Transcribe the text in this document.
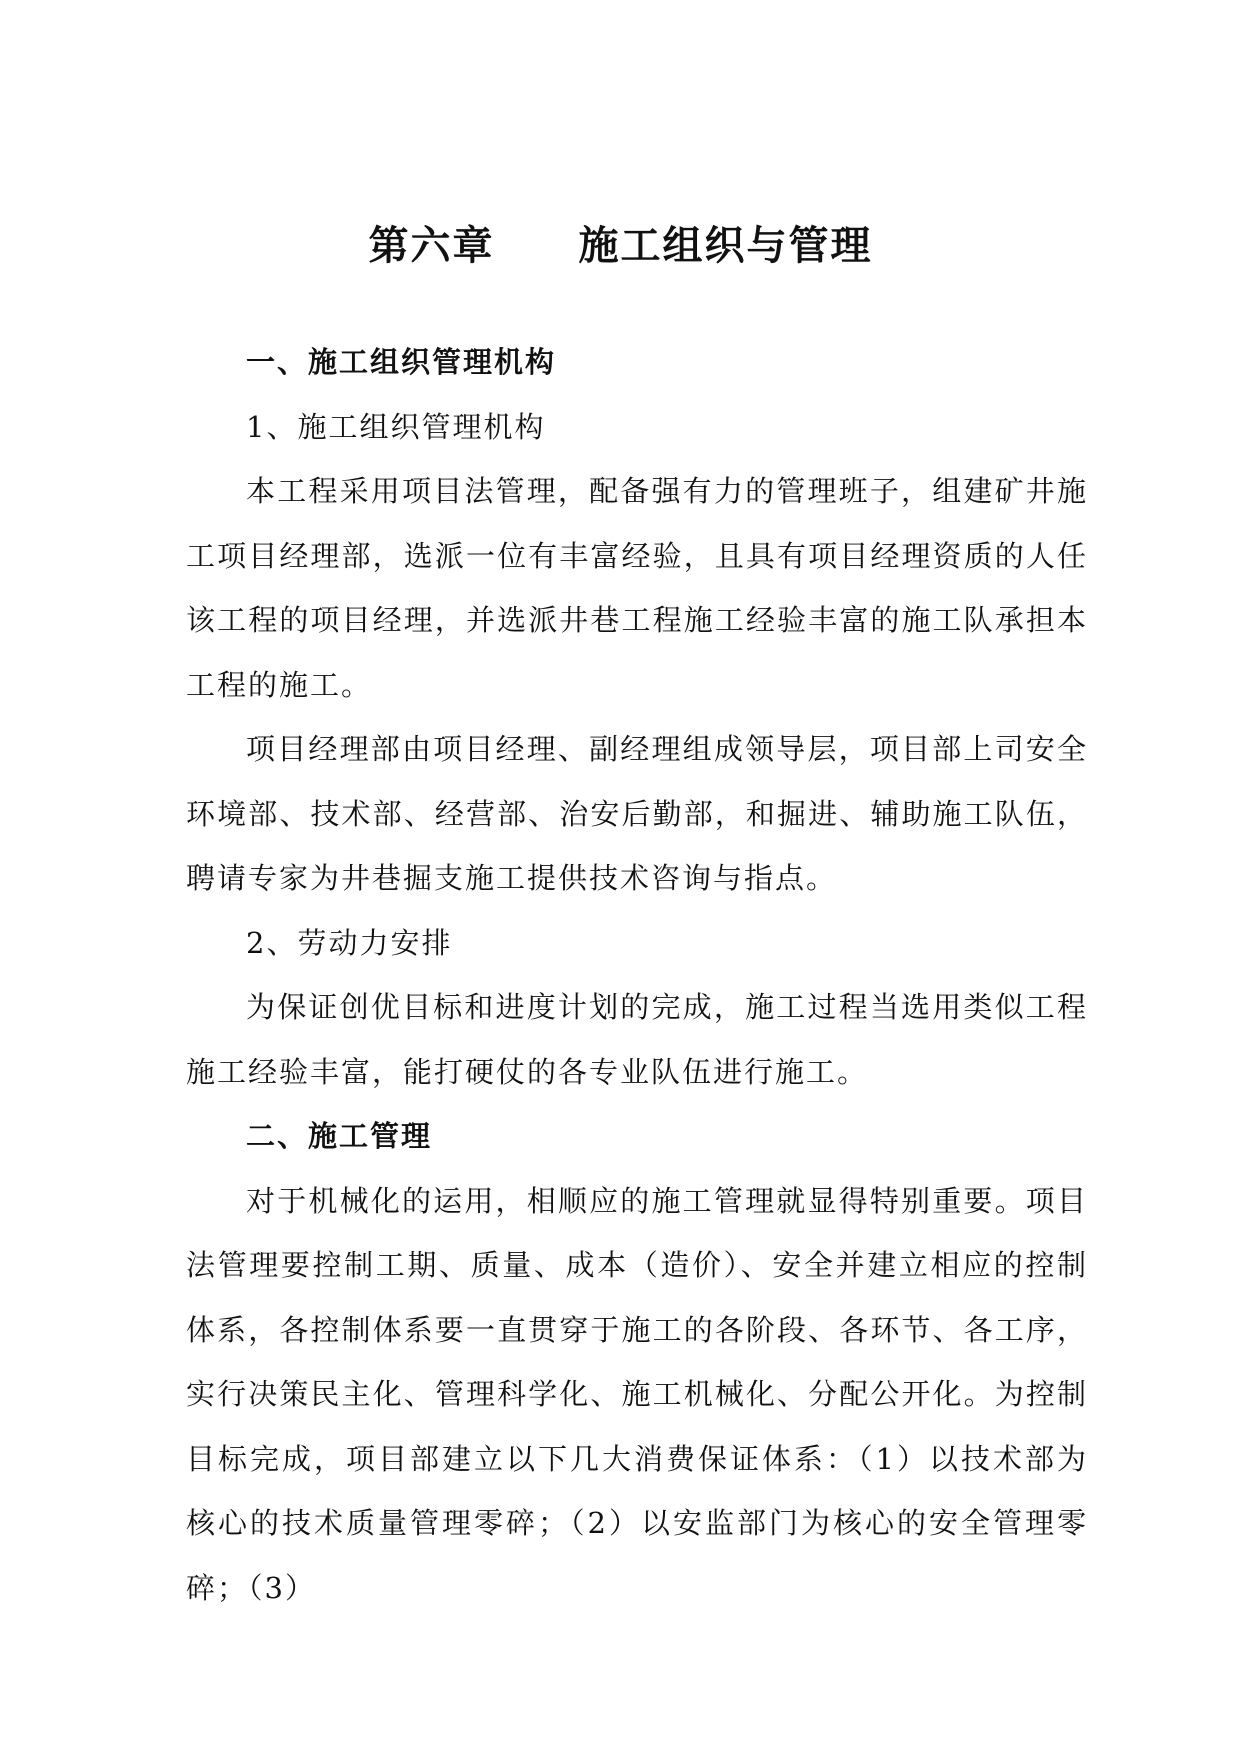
第六章　　施工组织与管理

一、施工组织管理机构

1、施工组织管理机构

本工程采用项目法管理，配备强有力的管理班子，组建矿井施工项目经理部，选派一位有丰富经验，且具有项目经理资质的人任该工程的项目经理，并选派井巷工程施工经验丰富的施工队承担本工程的施工。

项目经理部由项目经理、副经理组成领导层，项目部上司安全环境部、技术部、经营部、治安后勤部，和掘进、辅助施工队伍，聘请专家为井巷掘支施工提供技术咨询与指点。

2、劳动力安排

为保证创优目标和进度计划的完成，施工过程当选用类似工程施工经验丰富，能打硬仗的各专业队伍进行施工。

二、施工管理

对于机械化的运用，相顺应的施工管理就显得特别重要。项目法管理要控制工期、质量、成本（造价）、安全并建立相应的控制体系，各控制体系要一直贯穿于施工的各阶段、各环节、各工序，实行决策民主化、管理科学化、施工机械化、分配公开化。为控制目标完成，项目部建立以下几大消费保证体系：（1）以技术部为核心的技术质量管理零碎；（2）以安监部门为核心的安全管理零碎；（3）
